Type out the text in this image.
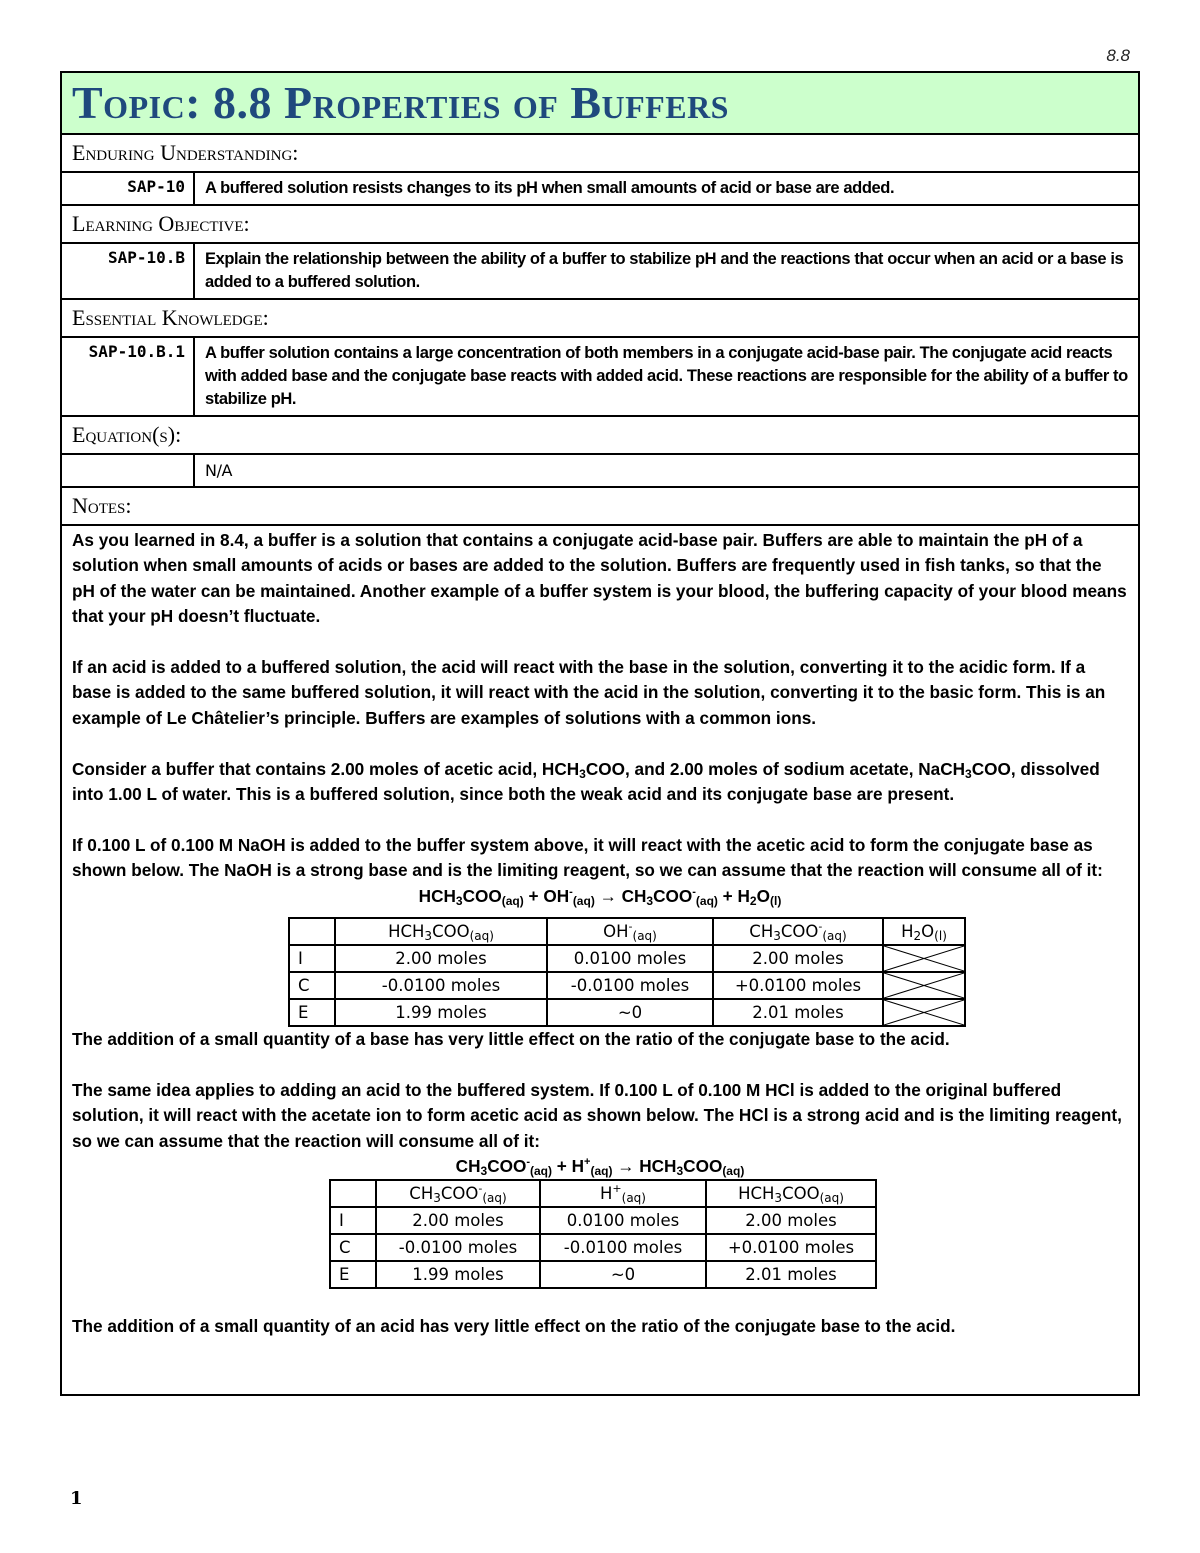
8.8
Topic: 8.8 Properties of Buffers
Enduring Understanding:
SAP-10	A buffered solution resists changes to its pH when small amounts of acid or base are added.
Learning Objective:
SAP-10.B	Explain the relationship between the ability of a buffer to stabilize pH and the reactions that occur when an acid or a base is added to a buffered solution.
Essential Knowledge:
SAP-10.B.1	A buffer solution contains a large concentration of both members in a conjugate acid-base pair. The conjugate acid reacts with added base and the conjugate base reacts with added acid. These reactions are responsible for the ability of a buffer to stabilize pH.
Equation(s):
N/A
Notes:

As you learned in 8.4, a buffer is a solution that contains a conjugate acid-base pair. Buffers are able to maintain the pH of a solution when small amounts of acids or bases are added to the solution. Buffers are frequently used in fish tanks, so that the pH of the water can be maintained. Another example of a buffer system is your blood, the buffering capacity of your blood means that your pH doesn’t fluctuate.

If an acid is added to a buffered solution, the acid will react with the base in the solution, converting it to the acidic form. If a base is added to the same buffered solution, it will react with the acid in the solution, converting it to the basic form. This is an example of Le Châtelier’s principle. Buffers are examples of solutions with a common ions.

Consider a buffer that contains 2.00 moles of acetic acid, $HCH_3COO$, and 2.00 moles of sodium acetate, NaCH$_3$COO, dissolved into 1.00 L of water. This is a buffered solution, since both the weak acid and its conjugate base are present.

If 0.100 L of 0.100 M NaOH is added to the buffer system above, it will react with the acetic acid to form the conjugate base as shown below. The NaOH is a strong base and is the limiting reagent, so we can assume that the reaction will consume all of it:

$HCH_3COO_{(aq)} + OH^-_{(aq)} \to CH_3COO^-_{(aq)} + H_2O_{(l)}$
	$HCH_3COO_{(aq)}$	$OH^-_{(aq)}$	$CH_3COO^-_{(aq)}$	$H_2O_{(l)}$
I	2.00 moles	0.0100 moles	2.00 moles	

C	-0.0100 moles	-0.0100 moles	+0.0100 moles	

E	1.99 moles	~0	2.01 moles	

The addition of a small quantity of a base has very little effect on the ratio of the conjugate base to the acid.

The same idea applies to adding an acid to the buffered system. If 0.100 L of 0.100 M HCl is added to the original buffered solution, it will react with the acetate ion to form acetic acid as shown below. The HCl is a strong acid and is the limiting reagent, so we can assume that the reaction will consume all of it:

$CH_3COO^-_{(aq)} + H^+_{(aq)} \to HCH_3COO_{(aq)}$
	$CH_3COO^-_{(aq)}$	$H^+_{(aq)}$	$HCH_3COO_{(aq)}$
I	2.00 moles	0.0100 moles	2.00 moles
C	-0.0100 moles	-0.0100 moles	+0.0100 moles
E	1.99 moles	~0	2.01 moles

The addition of a small quantity of an acid has very little effect on the ratio of the conjugate base to the acid.

1
